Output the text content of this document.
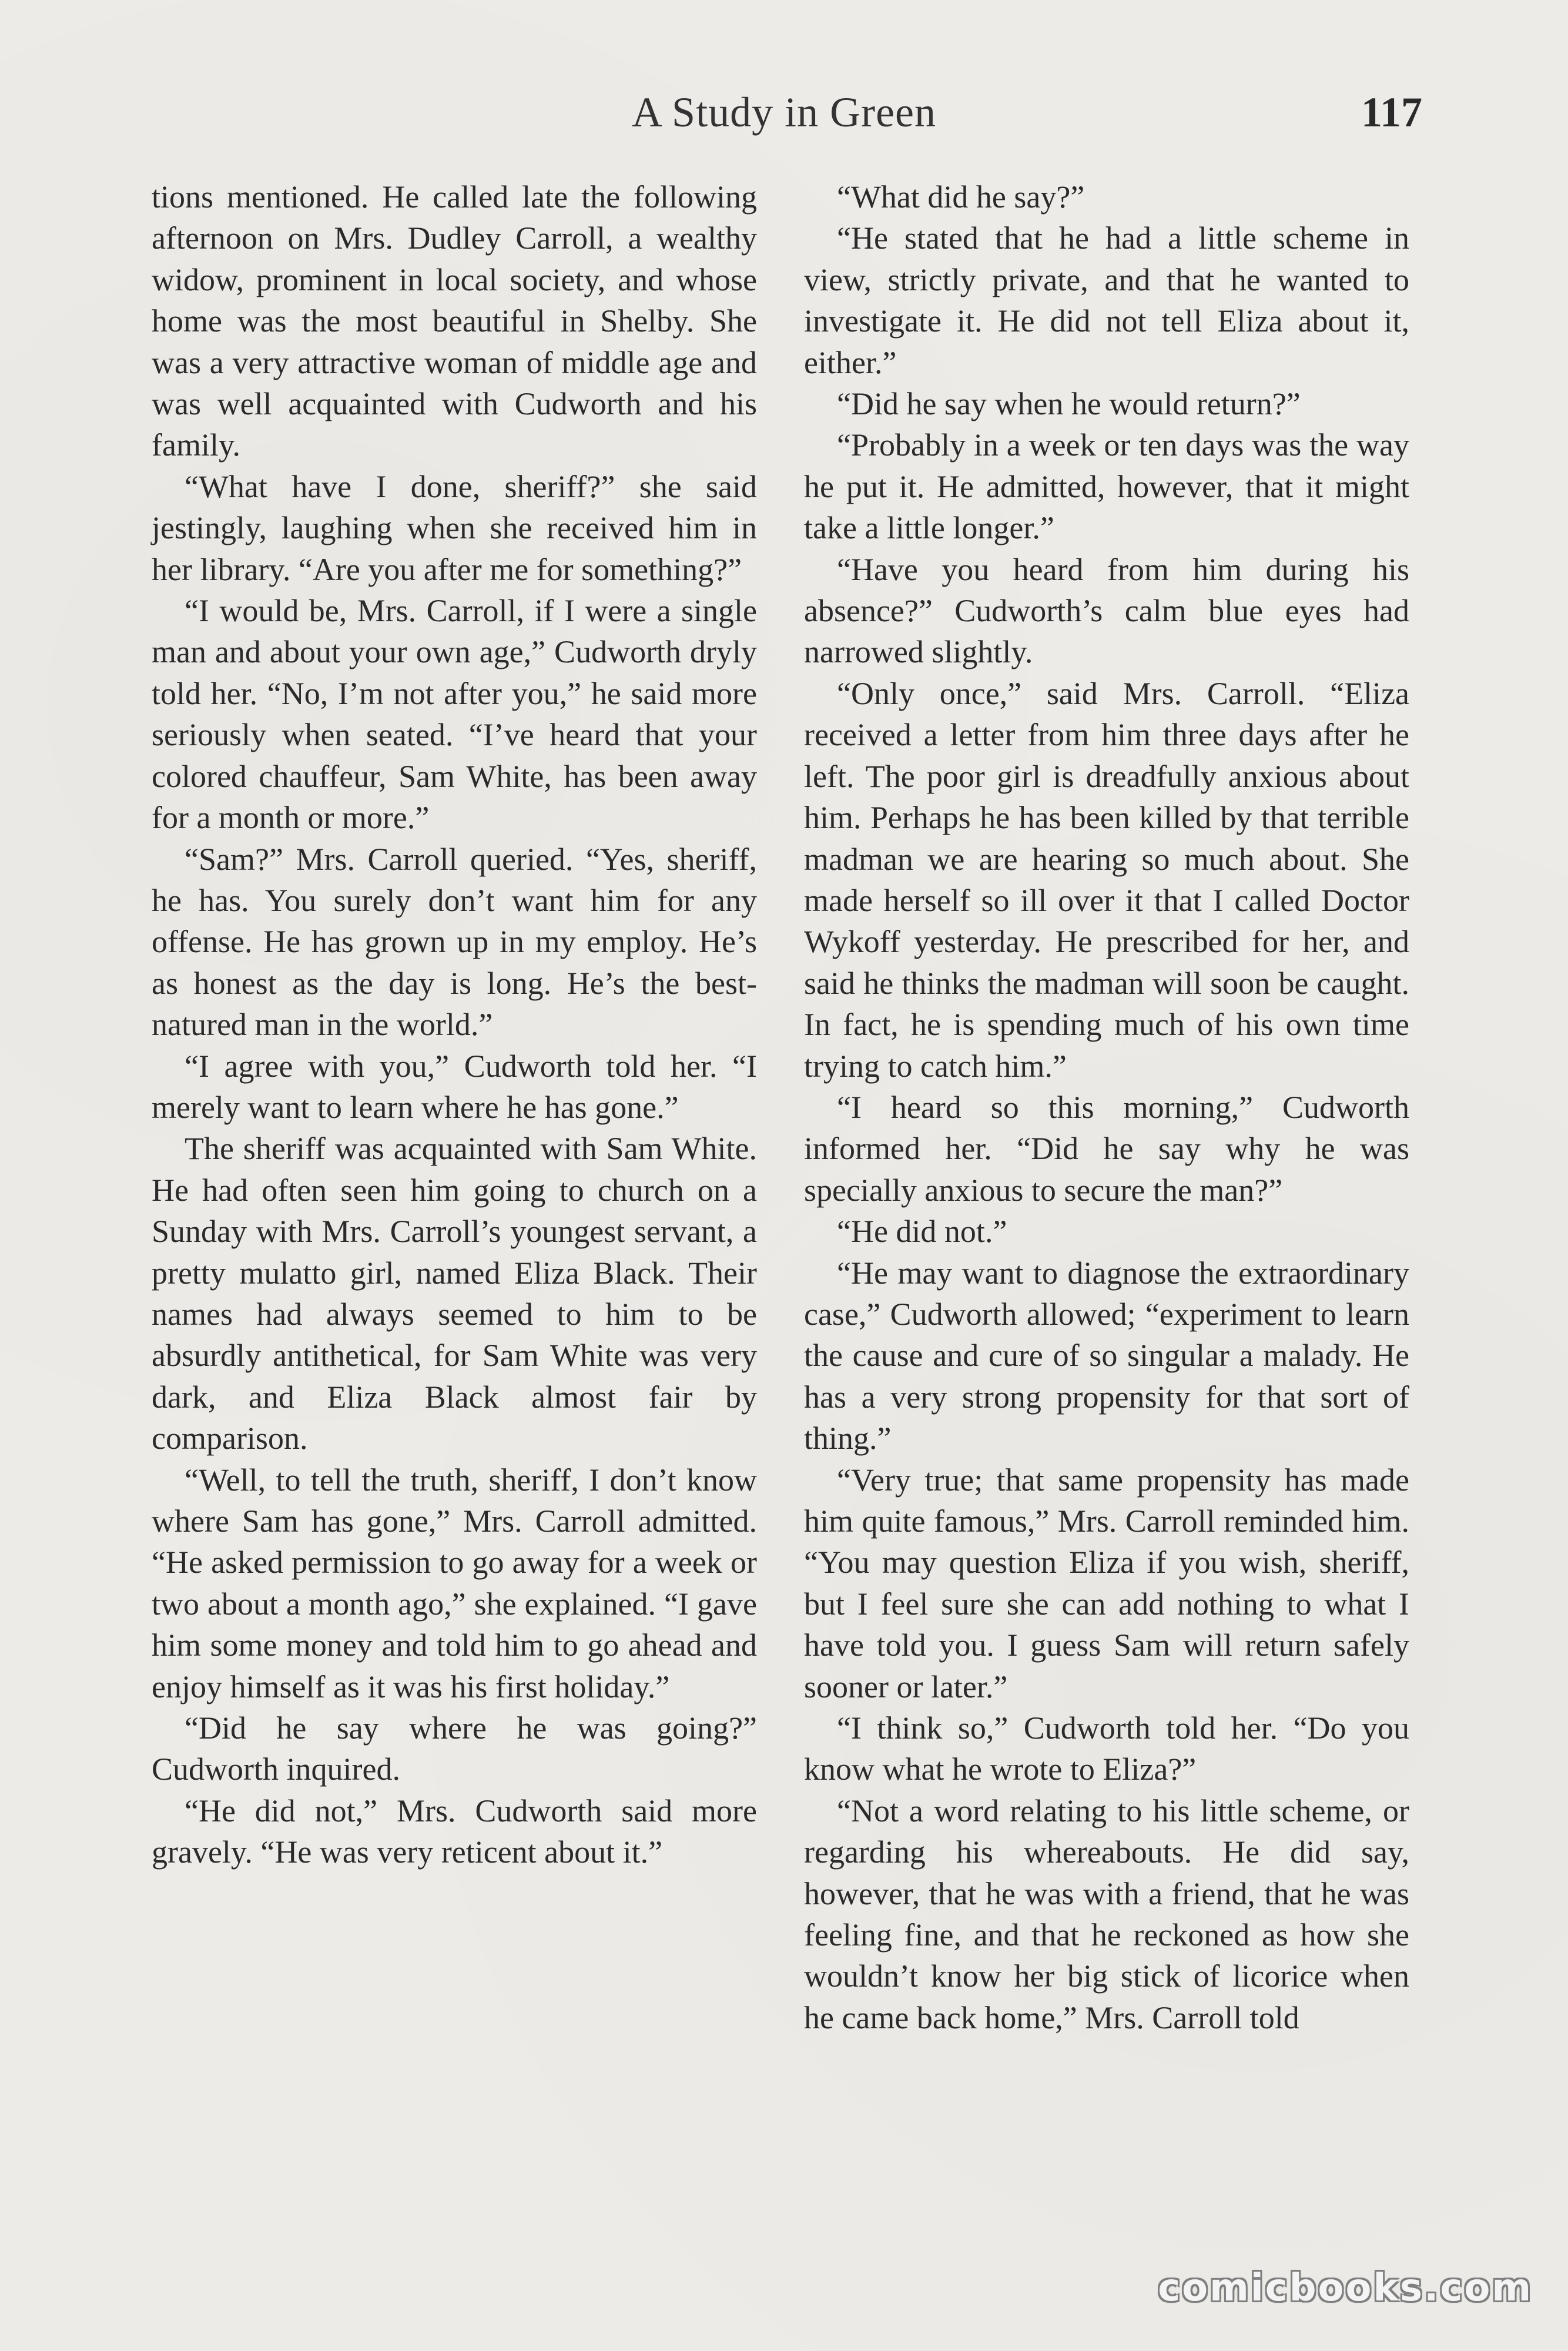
A Study in Green	117

tions mentioned. He called late the following afternoon on Mrs. Dudley Carroll, a wealthy widow, prominent in local society, and whose home was the most beautiful in Shelby. She was a very attractive woman of middle age and was well acquainted with Cudworth and his family.

“What have I done, sheriff?” she said jestingly, laughing when she received him in her library. “Are you after me for something?”

“I would be, Mrs. Carroll, if I were a single man and about your own age,” Cudworth dryly told her. “No, I’m not after you,” he said more seriously when seated. “I’ve heard that your colored chauffeur, Sam White, has been away for a month or more.”

“Sam?” Mrs. Carroll queried. “Yes, sheriff, he has. You surely don’t want him for any offense. He has grown up in my employ. He’s as honest as the day is long. He’s the best-natured man in the world.”

“I agree with you,” Cudworth told her. “I merely want to learn where he has gone.”

The sheriff was acquainted with Sam White. He had often seen him going to church on a Sunday with Mrs. Carroll’s youngest servant, a pretty mulatto girl, named Eliza Black. Their names had always seemed to him to be absurdly antithetical, for Sam White was very dark, and Eliza Black almost fair by comparison.

“Well, to tell the truth, sheriff, I don’t know where Sam has gone,” Mrs. Carroll admitted. “He asked permission to go away for a week or two about a month ago,” she explained. “I gave him some money and told him to go ahead and enjoy himself as it was his first holiday.”

“Did he say where he was going?” Cudworth inquired.

“He did not,” Mrs. Cudworth said more gravely. “He was very reticent about it.”

“What did he say?”

“He stated that he had a little scheme in view, strictly private, and that he wanted to investigate it. He did not tell Eliza about it, either.”

“Did he say when he would return?”

“Probably in a week or ten days was the way he put it. He admitted, however, that it might take a little longer.”

“Have you heard from him during his absence?” Cudworth’s calm blue eyes had narrowed slightly.

“Only once,” said Mrs. Carroll. “Eliza received a letter from him three days after he left. The poor girl is dreadfully anxious about him. Perhaps he has been killed by that terrible madman we are hearing so much about. She made herself so ill over it that I called Doctor Wykoff yesterday. He prescribed for her, and said he thinks the madman will soon be caught. In fact, he is spending much of his own time trying to catch him.”

“I heard so this morning,” Cudworth informed her. “Did he say why he was specially anxious to secure the man?”

“He did not.”

“He may want to diagnose the extraordinary case,” Cudworth allowed; “experiment to learn the cause and cure of so singular a malady. He has a very strong propensity for that sort of thing.”

“Very true; that same propensity has made him quite famous,” Mrs. Carroll reminded him. “You may question Eliza if you wish, sheriff, but I feel sure she can add nothing to what I have told you. I guess Sam will return safely sooner or later.”

“I think so,” Cudworth told her. “Do you know what he wrote to Eliza?”

“Not a word relating to his little scheme, or regarding his whereabouts. He did say, however, that he was with a friend, that he was feeling fine, and that he reckoned as how she wouldn’t know her big stick of licorice when he came back home,” Mrs. Carroll told

comicbooks.com
